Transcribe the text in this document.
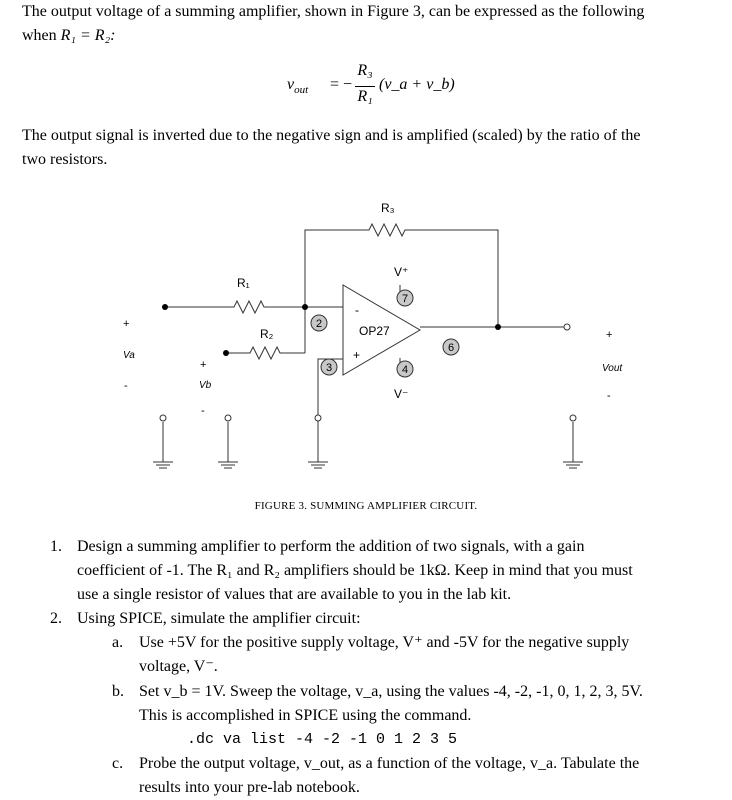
The output voltage of a summing amplifier, shown in Figure 3, can be expressed as the following
when R₁ = R₂:
$v_{out}$ = −
R₃
R₁
(v_a + v_b)
The output signal is inverted due to the negative sign and is amplified (scaled) by the ratio of the
two resistors.
2
3
7
4
6
R₁
R₂
R₃
OP27
V⁺
V⁻
-
+
+
Va
-
+
Vb
-
+
Vout
-
FIGURE 3. SUMMING AMPLIFIER CIRCUIT.
1. Design a summing amplifier to perform the addition of two signals, with a gain
coefficient of -1. The R₁ and R₂ amplifiers should be 1kΩ. Keep in mind that you must
use a single resistor of values that are available to you in the lab kit.
2. Using SPICE, simulate the amplifier circuit:
a. Use +5V for the positive supply voltage, V⁺ and -5V for the negative supply
voltage, V⁻.
b. Set v_b = 1V. Sweep the voltage, v_a, using the values -4, -2, -1, 0, 1, 2, 3, 5V.
This is accomplished in SPICE using the command.
.dc va list -4 -2 -1 0 1 2 3 5
c. Probe the output voltage, v_out, as a function of the voltage, v_a. Tabulate the
results into your pre-lab notebook.
